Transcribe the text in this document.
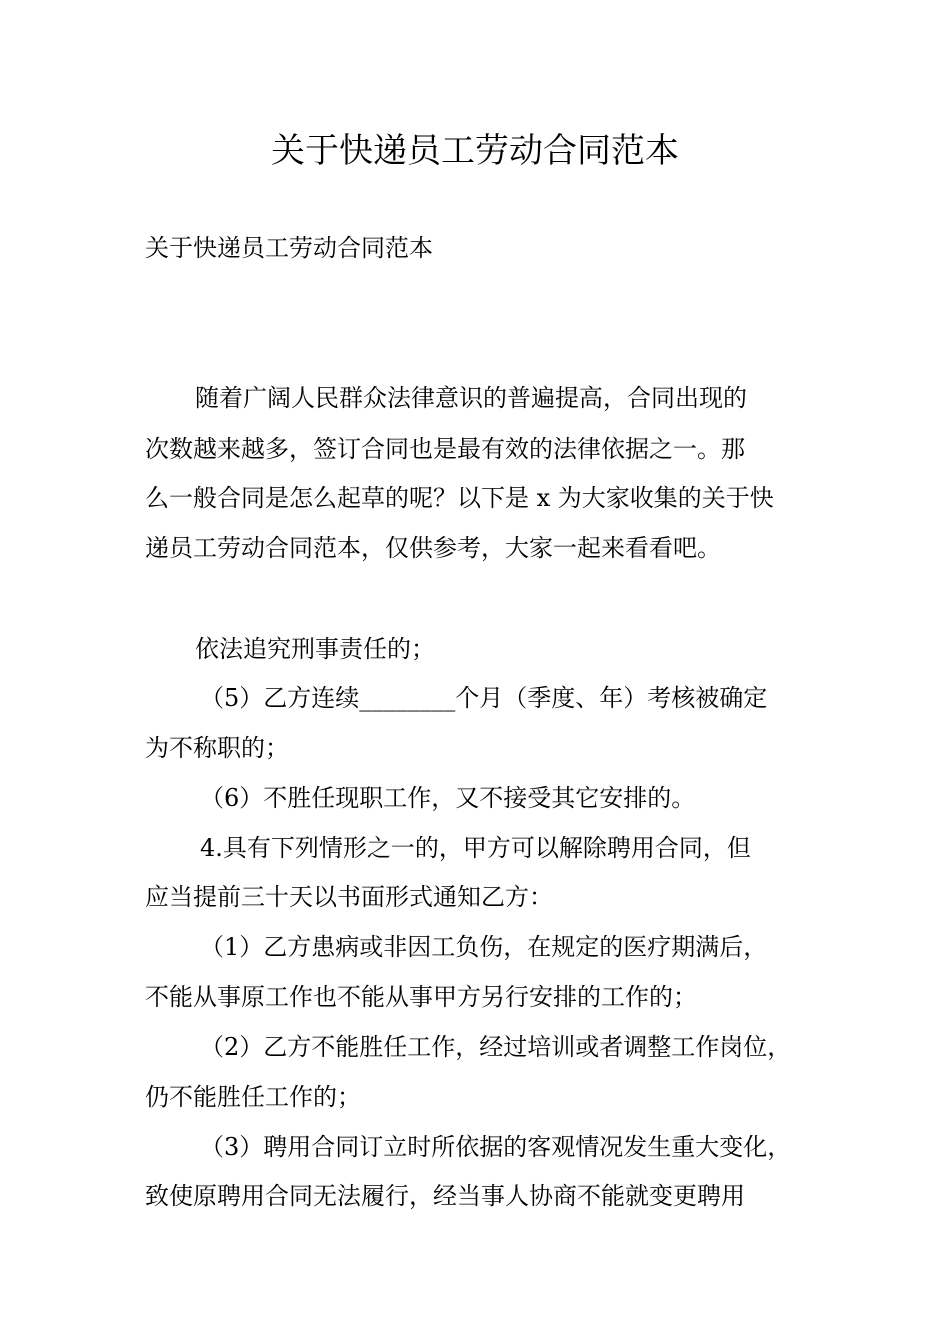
关于快递员工劳动合同范本

关于快递员工劳动合同范本

随着广阔人民群众法律意识的普遍提高，合同出现的

次数越来越多，签订合同也是最有效的法律依据之一。那

么一般合同是怎么起草的呢？以下是 x 为大家收集的关于快

递员工劳动合同范本，仅供参考，大家一起来看看吧。

依法追究刑事责任的；

（5）乙方连续________个月（季度、年）考核被确定

为不称职的；

（6）不胜任现职工作，又不接受其它安排的。

4.具有下列情形之一的，甲方可以解除聘用合同，但

应当提前三十天以书面形式通知乙方：

（1）乙方患病或非因工负伤，在规定的医疗期满后，

不能从事原工作也不能从事甲方另行安排的工作的；

（2）乙方不能胜任工作，经过培训或者调整工作岗位，

仍不能胜任工作的；

（3）聘用合同订立时所依据的客观情况发生重大变化，

致使原聘用合同无法履行，经当事人协商不能就变更聘用
